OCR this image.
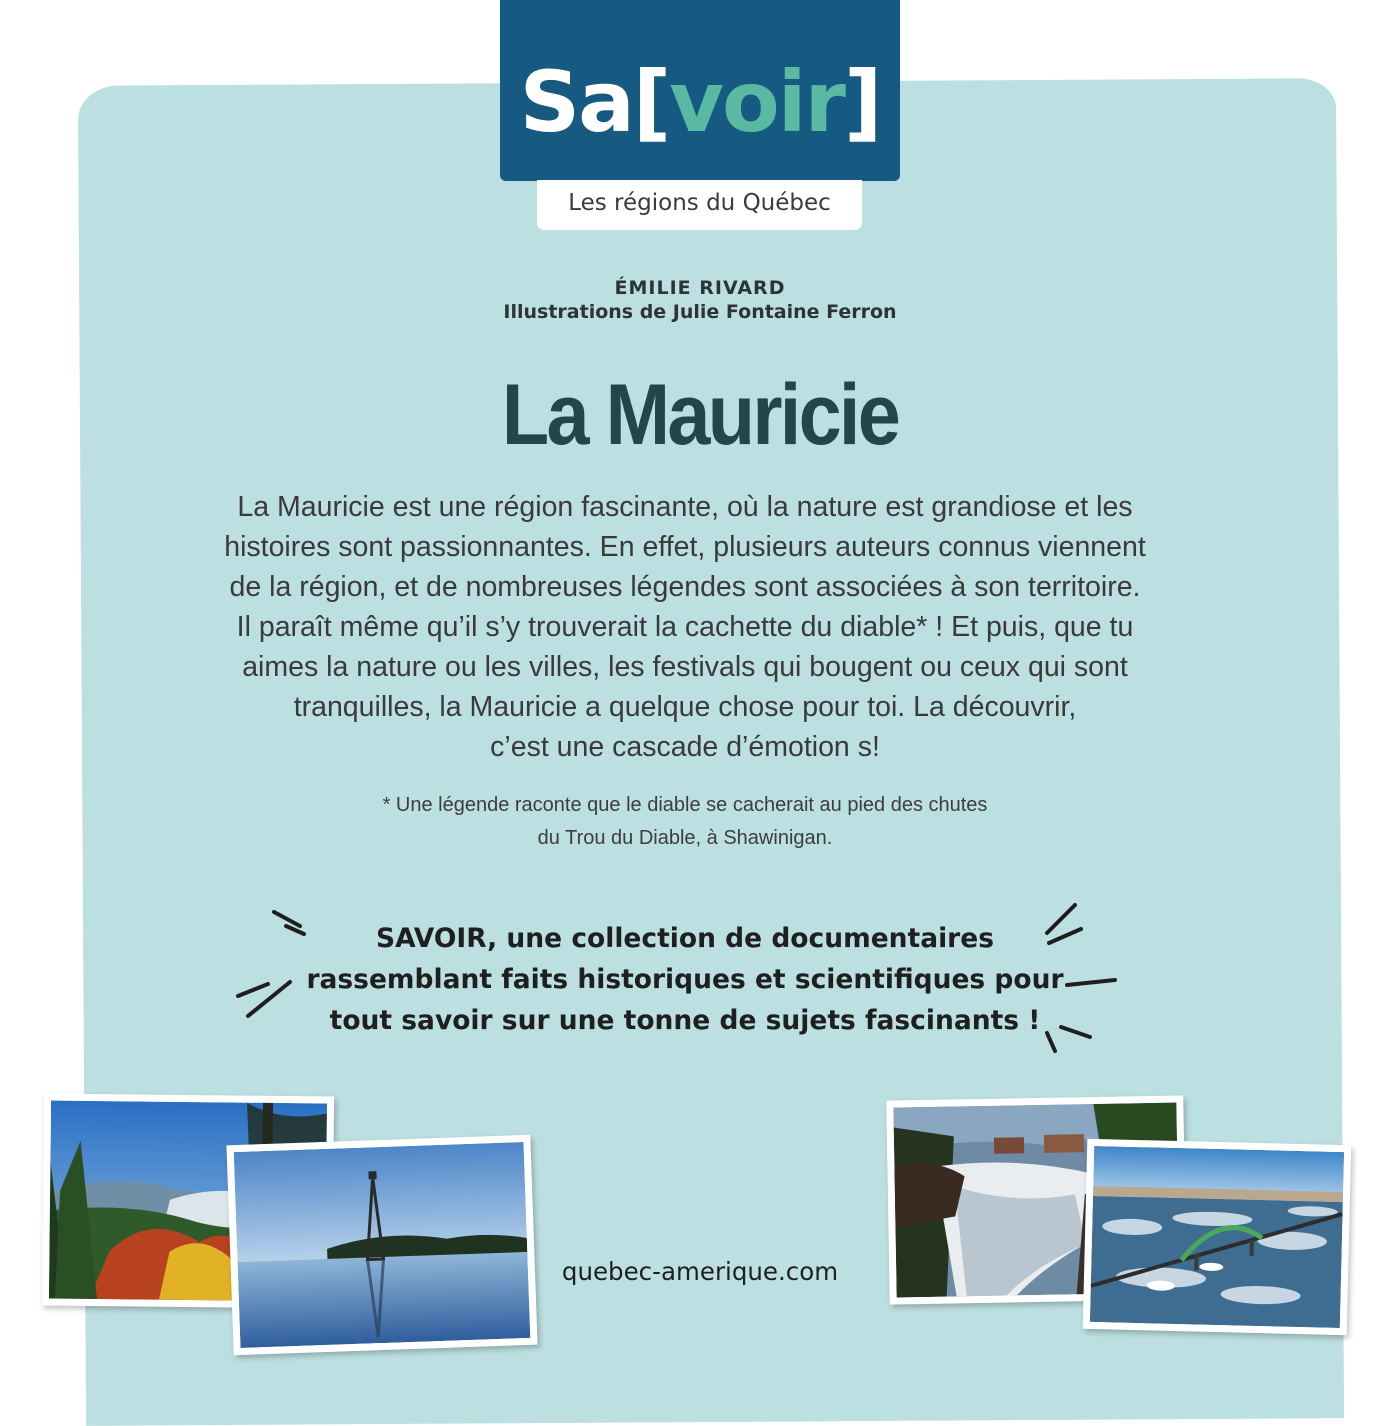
Sa[voir]
Les régions du Québec
ÉMILIE RIVARD
Illustrations de Julie Fontaine Ferron
La Mauricie

La Mauricie est une région fascinante, où la nature est grandiose et les
histoires sont passionnantes. En effet, plusieurs auteurs connus viennent
de la région, et de nombreuses légendes sont associées à son territoire.
Il paraît même qu’il s’y trouverait la cachette du diable* ! Et puis, que tu
aimes la nature ou les villes, les festivals qui bougent ou ceux qui sont
tranquilles, la Mauricie a quelque chose pour toi. La découvrir,
c’est une cascade d’émotion s!

* Une légende raconte que le diable se cacherait au pied des chutes
du Trou du Diable, à Shawinigan.

SAVOIR, une collection de documentaires
rassemblant faits historiques et scientifiques pour
tout savoir sur une tonne de sujets fascinants !

quebec-amerique.com
